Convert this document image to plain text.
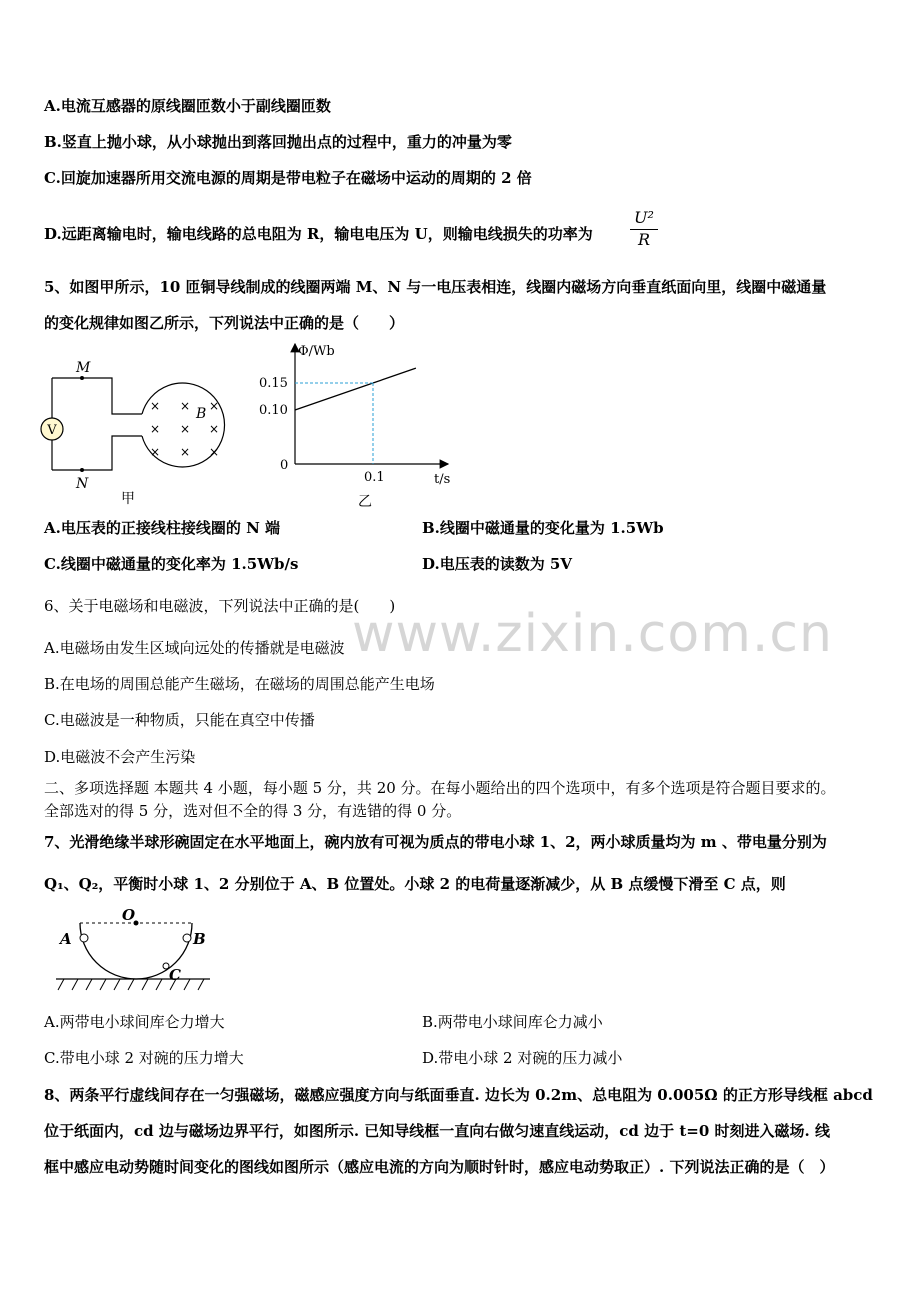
www.zixin.com.cn
A.电流互感器的原线圈匝数小于副线圈匝数
B.竖直上抛小球，从小球抛出到落回抛出点的过程中，重力的冲量为零
C.回旋加速器所用交流电源的周期是带电粒子在磁场中运动的周期的 2 倍
D.远距离输电时，输电线路的总电阻为 R，输电电压为 U，则输电线损失的功率为 $\frac{\text{U²}}{R}$
5、如图甲所示，10 匝铜导线制成的线圈两端 M、N 与一电压表相连，线圈内磁场方向垂直纸面向里，线圈中磁通量
的变化规律如图乙所示，下列说法中正确的是（　　）
× × ×
× × ×
× × ×
V
M
N
B
甲
0.10
0.15
0.1
Φ/Wb
t/s
0
乙
A.电压表的正接线柱接线圈的 N 端	B.线圈中磁通量的变化量为 1.5Wb
C.线圈中磁通量的变化率为 1.5Wb/s	D.电压表的读数为 5V
6、关于电磁场和电磁波，下列说法中正确的是(　　)
A.电磁场由发生区域向远处的传播就是电磁波
B.在电场的周围总能产生磁场，在磁场的周围总能产生电场
C.电磁波是一种物质，只能在真空中传播
D.电磁波不会产生污染
二、多项选择题 本题共 4 小题，每小题 5 分，共 20 分。在每小题给出的四个选项中，有多个选项是符合题目要求的。
全部选对的得 5 分，选对但不全的得 3 分，有选错的得 0 分。
7、光滑绝缘半球形碗固定在水平地面上，碗内放有可视为质点的带电小球 1、2，两小球质量均为 m 、带电量分别为
Q₁、Q₂，平衡时小球 1、2 分别位于 A、B 位置处。小球 2 的电荷量逐渐减少，从 B 点缓慢下滑至 C 点，则
O
A	B
C
A.两带电小球间库仑力增大	B.两带电小球间库仑力减小
C.带电小球 2 对碗的压力增大	D.带电小球 2 对碗的压力减小
8、两条平行虚线间存在一匀强磁场，磁感应强度方向与纸面垂直. 边长为 0.2m、总电阻为 0.005Ω 的正方形导线框 abcd
位于纸面内，cd 边与磁场边界平行，如图所示. 已知导线框一直向右做匀速直线运动，cd 边于 t=0 时刻进入磁场. 线
框中感应电动势随时间变化的图线如图所示（感应电流的方向为顺时针时，感应电动势取正）. 下列说法正确的是（　）
